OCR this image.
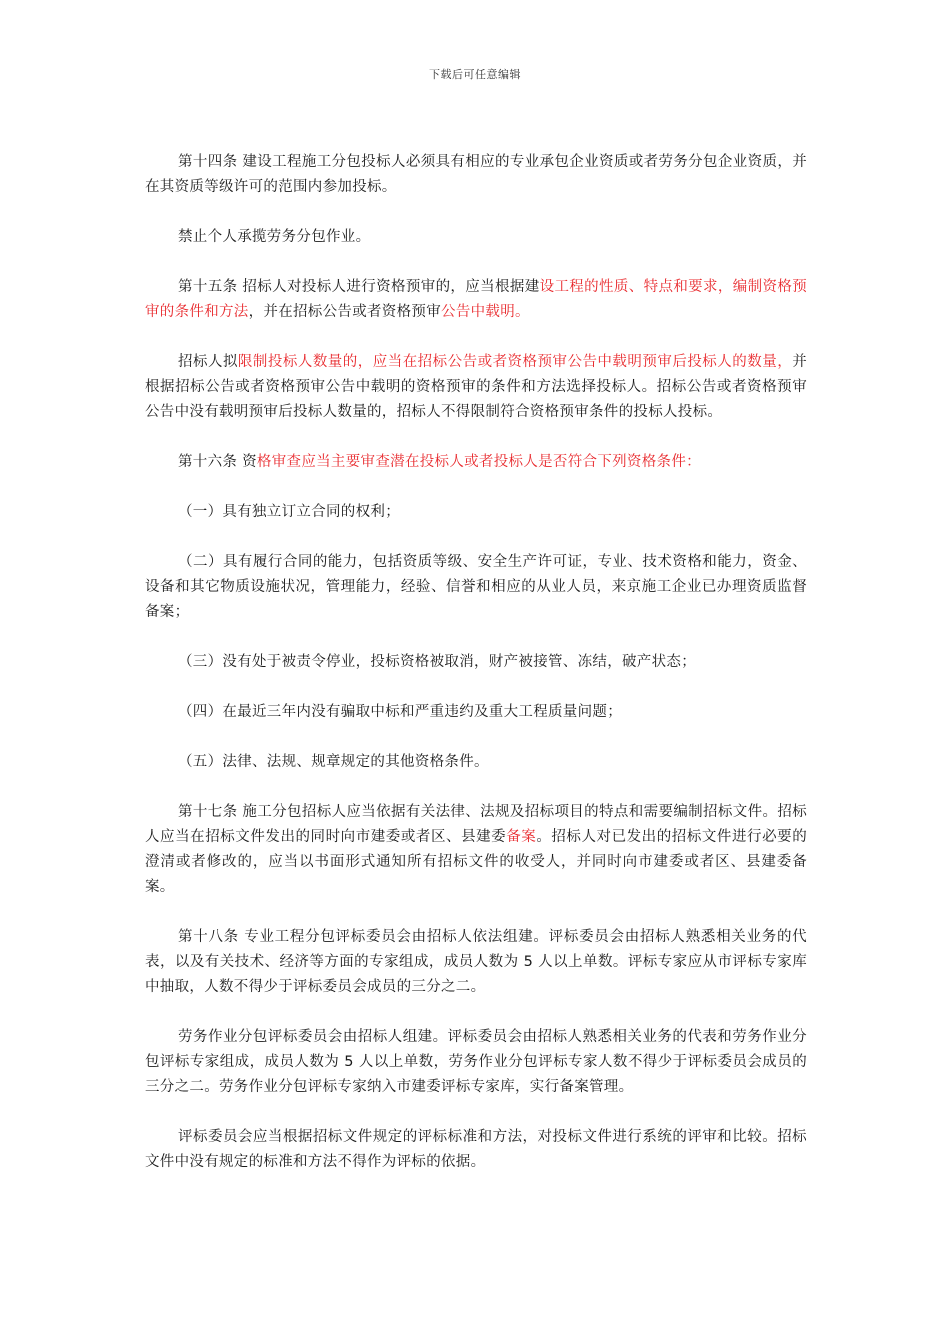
下载后可任意编辑

第十四条 建设工程施工分包投标人必须具有相应的专业承包企业资质或者劳务分包企业资质，并在其资质等级许可的范围内参加投标。

禁止个人承揽劳务分包作业。

第十五条 招标人对投标人进行资格预审的，应当根据建设工程的性质、特点和要求，编制资格预审的条件和方法，并在招标公告或者资格预审公告中载明。

招标人拟限制投标人数量的，应当在招标公告或者资格预审公告中载明预审后投标人的数量，并根据招标公告或者资格预审公告中载明的资格预审的条件和方法选择投标人。招标公告或者资格预审公告中没有载明预审后投标人数量的，招标人不得限制符合资格预审条件的投标人投标。

第十六条 资格审查应当主要审查潜在投标人或者投标人是否符合下列资格条件：

（一）具有独立订立合同的权利；

（二）具有履行合同的能力，包括资质等级、安全生产许可证，专业、技术资格和能力，资金、设备和其它物质设施状况，管理能力，经验、信誉和相应的从业人员，来京施工企业已办理资质监督备案；

（三）没有处于被责令停业，投标资格被取消，财产被接管、冻结，破产状态；

（四）在最近三年内没有骗取中标和严重违约及重大工程质量问题；

（五）法律、法规、规章规定的其他资格条件。

第十七条 施工分包招标人应当依据有关法律、法规及招标项目的特点和需要编制招标文件。招标人应当在招标文件发出的同时向市建委或者区、县建委备案。招标人对已发出的招标文件进行必要的澄清或者修改的，应当以书面形式通知所有招标文件的收受人，并同时向市建委或者区、县建委备案。

第十八条 专业工程分包评标委员会由招标人依法组建。评标委员会由招标人熟悉相关业务的代表，以及有关技术、经济等方面的专家组成，成员人数为 5 人以上单数。评标专家应从市评标专家库中抽取，人数不得少于评标委员会成员的三分之二。

劳务作业分包评标委员会由招标人组建。评标委员会由招标人熟悉相关业务的代表和劳务作业分包评标专家组成，成员人数为 5 人以上单数，劳务作业分包评标专家人数不得少于评标委员会成员的三分之二。劳务作业分包评标专家纳入市建委评标专家库，实行备案管理。

评标委员会应当根据招标文件规定的评标标准和方法，对投标文件进行系统的评审和比较。招标文件中没有规定的标准和方法不得作为评标的依据。
